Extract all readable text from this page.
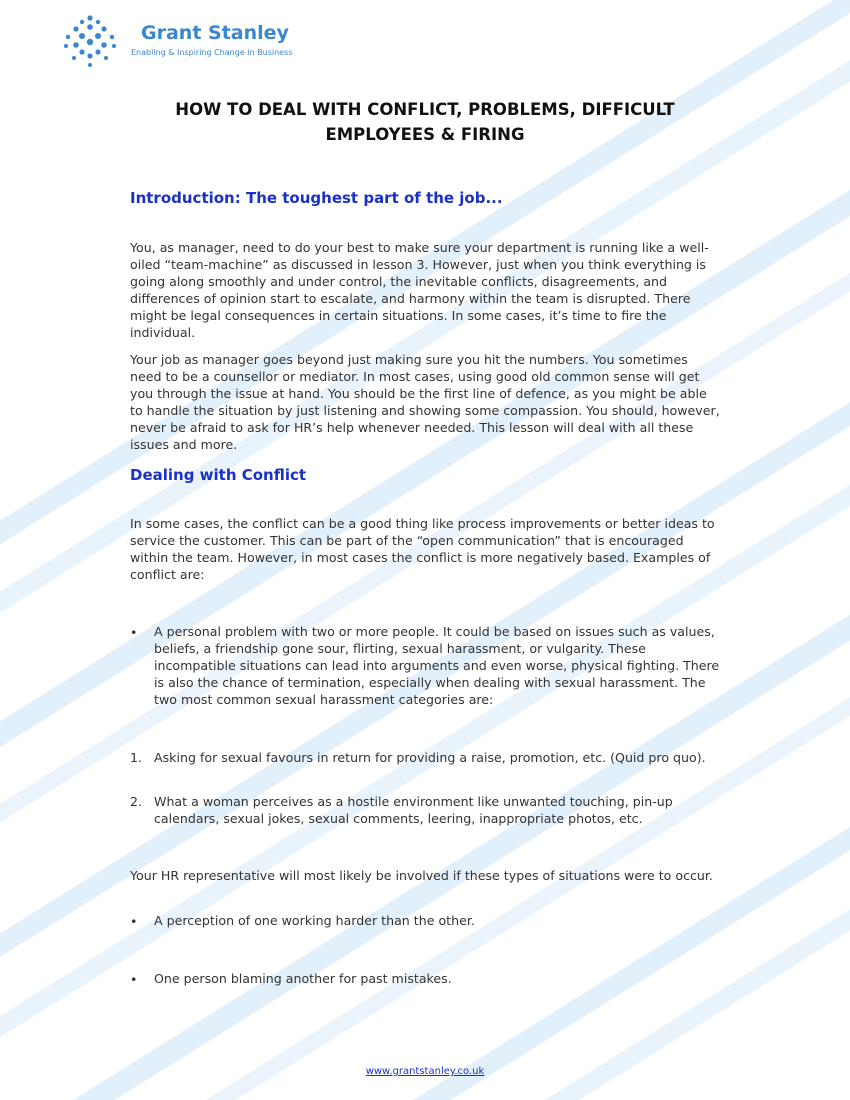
Grant Stanley
Enabling & Inspiring Change in Business
HOW TO DEAL WITH CONFLICT, PROBLEMS, DIFFICULT
EMPLOYEES & FIRING
Introduction: The toughest part of the job...

You, as manager, need to do your best to make sure your department is running like a well-oiled “team-machine” as discussed in lesson 3. However, just when you think everything is going along smoothly and under control, the inevitable conflicts, disagreements, and differences of opinion start to escalate, and harmony within the team is disrupted. There might be legal consequences in certain situations. In some cases, it’s time to fire the individual.

Your job as manager goes beyond just making sure you hit the numbers. You sometimes need to be a counsellor or mediator. In most cases, using good old common sense will get you through the issue at hand. You should be the first line of defence, as you might be able to handle the situation by just listening and showing some compassion. You should, however, never be afraid to ask for HR’s help whenever needed. This lesson will deal with all these issues and more.

Dealing with Conflict

In some cases, the conflict can be a good thing like process improvements or better ideas to service the customer. This can be part of the “open communication” that is encouraged within the team. However, in most cases the conflict is more negatively based. Examples of conflict are:

• A personal problem with two or more people. It could be based on issues such as values, beliefs, a friendship gone sour, flirting, sexual harassment, or vulgarity. These incompatible situations can lead into arguments and even worse, physical fighting. There is also the chance of termination, especially when dealing with sexual harassment. The two most common sexual harassment categories are:
1. Asking for sexual favours in return for providing a raise, promotion, etc. (Quid pro quo).
2. What a woman perceives as a hostile environment like unwanted touching, pin-up calendars, sexual jokes, sexual comments, leering, inappropriate photos, etc.

Your HR representative will most likely be involved if these types of situations were to occur.

• A perception of one working harder than the other.
• One person blaming another for past mistakes.
www.grantstanley.co.uk
